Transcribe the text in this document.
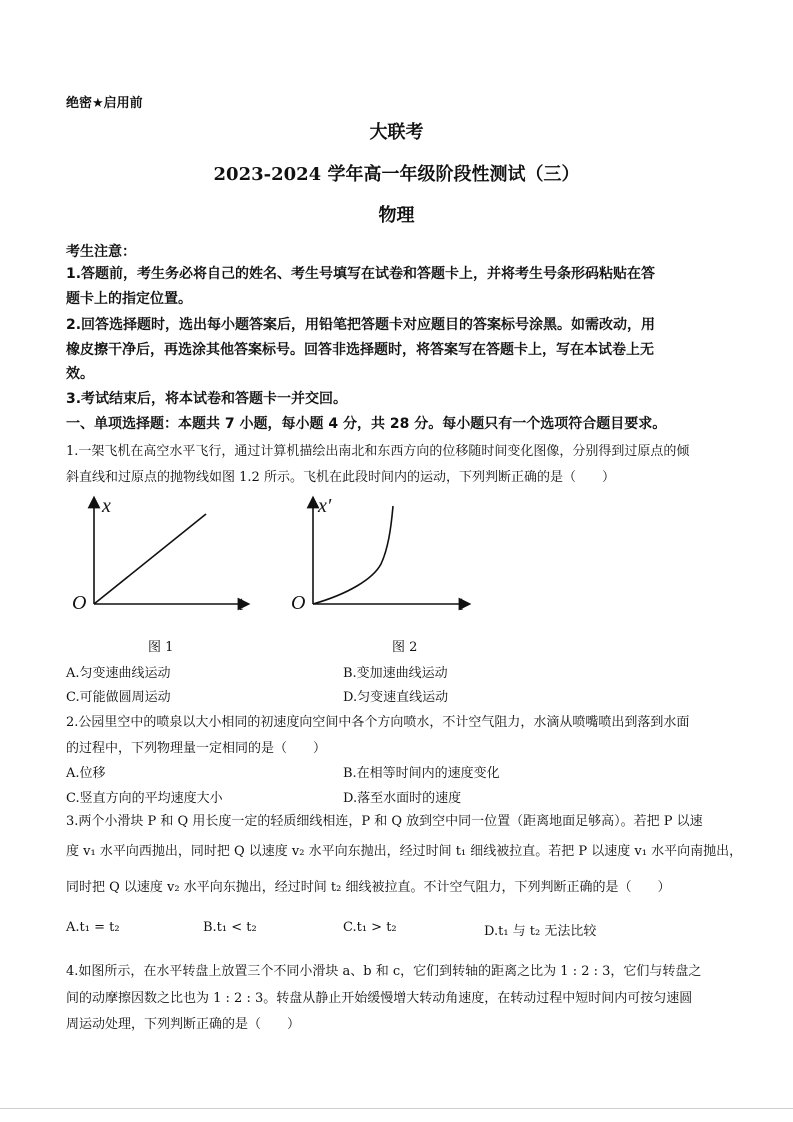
绝密★启用前
大联考
2023-2024 学年高一年级阶段性测试（三）
物理
考生注意：
1.答题前，考生务必将自己的姓名、考生号填写在试卷和答题卡上，并将考生号条形码粘贴在答
题卡上的指定位置。
2.回答选择题时，选出每小题答案后，用铅笔把答题卡对应题目的答案标号涂黑。如需改动，用
橡皮擦干净后，再选涂其他答案标号。回答非选择题时，将答案写在答题卡上，写在本试卷上无
效。
3.考试结束后，将本试卷和答题卡一并交回。
一、单项选择题：本题共 7 小题，每小题 4 分，共 28 分。每小题只有一个选项符合题目要求。
1.一架飞机在高空水平飞行，通过计算机描绘出南北和东西方向的位移随时间变化图像，分别得到过原点的倾
斜直线和过原点的抛物线如图 1.2 所示。飞机在此段时间内的运动，下列判断正确的是（　　）
x
t
O
图 1
x′
t
O
图 2
A.匀变速曲线运动	B.变加速曲线运动
C.可能做圆周运动	D.匀变速直线运动
2.公园里空中的喷泉以大小相同的初速度向空间中各个方向喷水，不计空气阻力，水滴从喷嘴喷出到落到水面
的过程中，下列物理量一定相同的是（　　）
A.位移	B.在相等时间内的速度变化
C.竖直方向的平均速度大小	D.落至水面时的速度
3.两个小滑块 P 和 Q 用长度一定的轻质细线相连，P 和 Q 放到空中同一位置（距离地面足够高）。若把 P 以速
度 v₁ 水平向西抛出，同时把 Q 以速度 v₂ 水平向东抛出，经过时间 t₁ 细线被拉直。若把 P 以速度 v₁ 水平向南抛出，
同时把 Q 以速度 v₂ 水平向东抛出，经过时间 t₂ 细线被拉直。不计空气阻力，下列判断正确的是（　　）
A.t₁ = t₂	B.t₁ < t₂	C.t₁ > t₂	D.t₁ 与 t₂ 无法比较
4.如图所示，在水平转盘上放置三个不同小滑块 a、b 和 c，它们到转轴的距离之比为 1 : 2 : 3，它们与转盘之
间的动摩擦因数之比也为 1 : 2 : 3。转盘从静止开始缓慢增大转动角速度，在转动过程中短时间内可按匀速圆
周运动处理，下列判断正确的是（　　）
